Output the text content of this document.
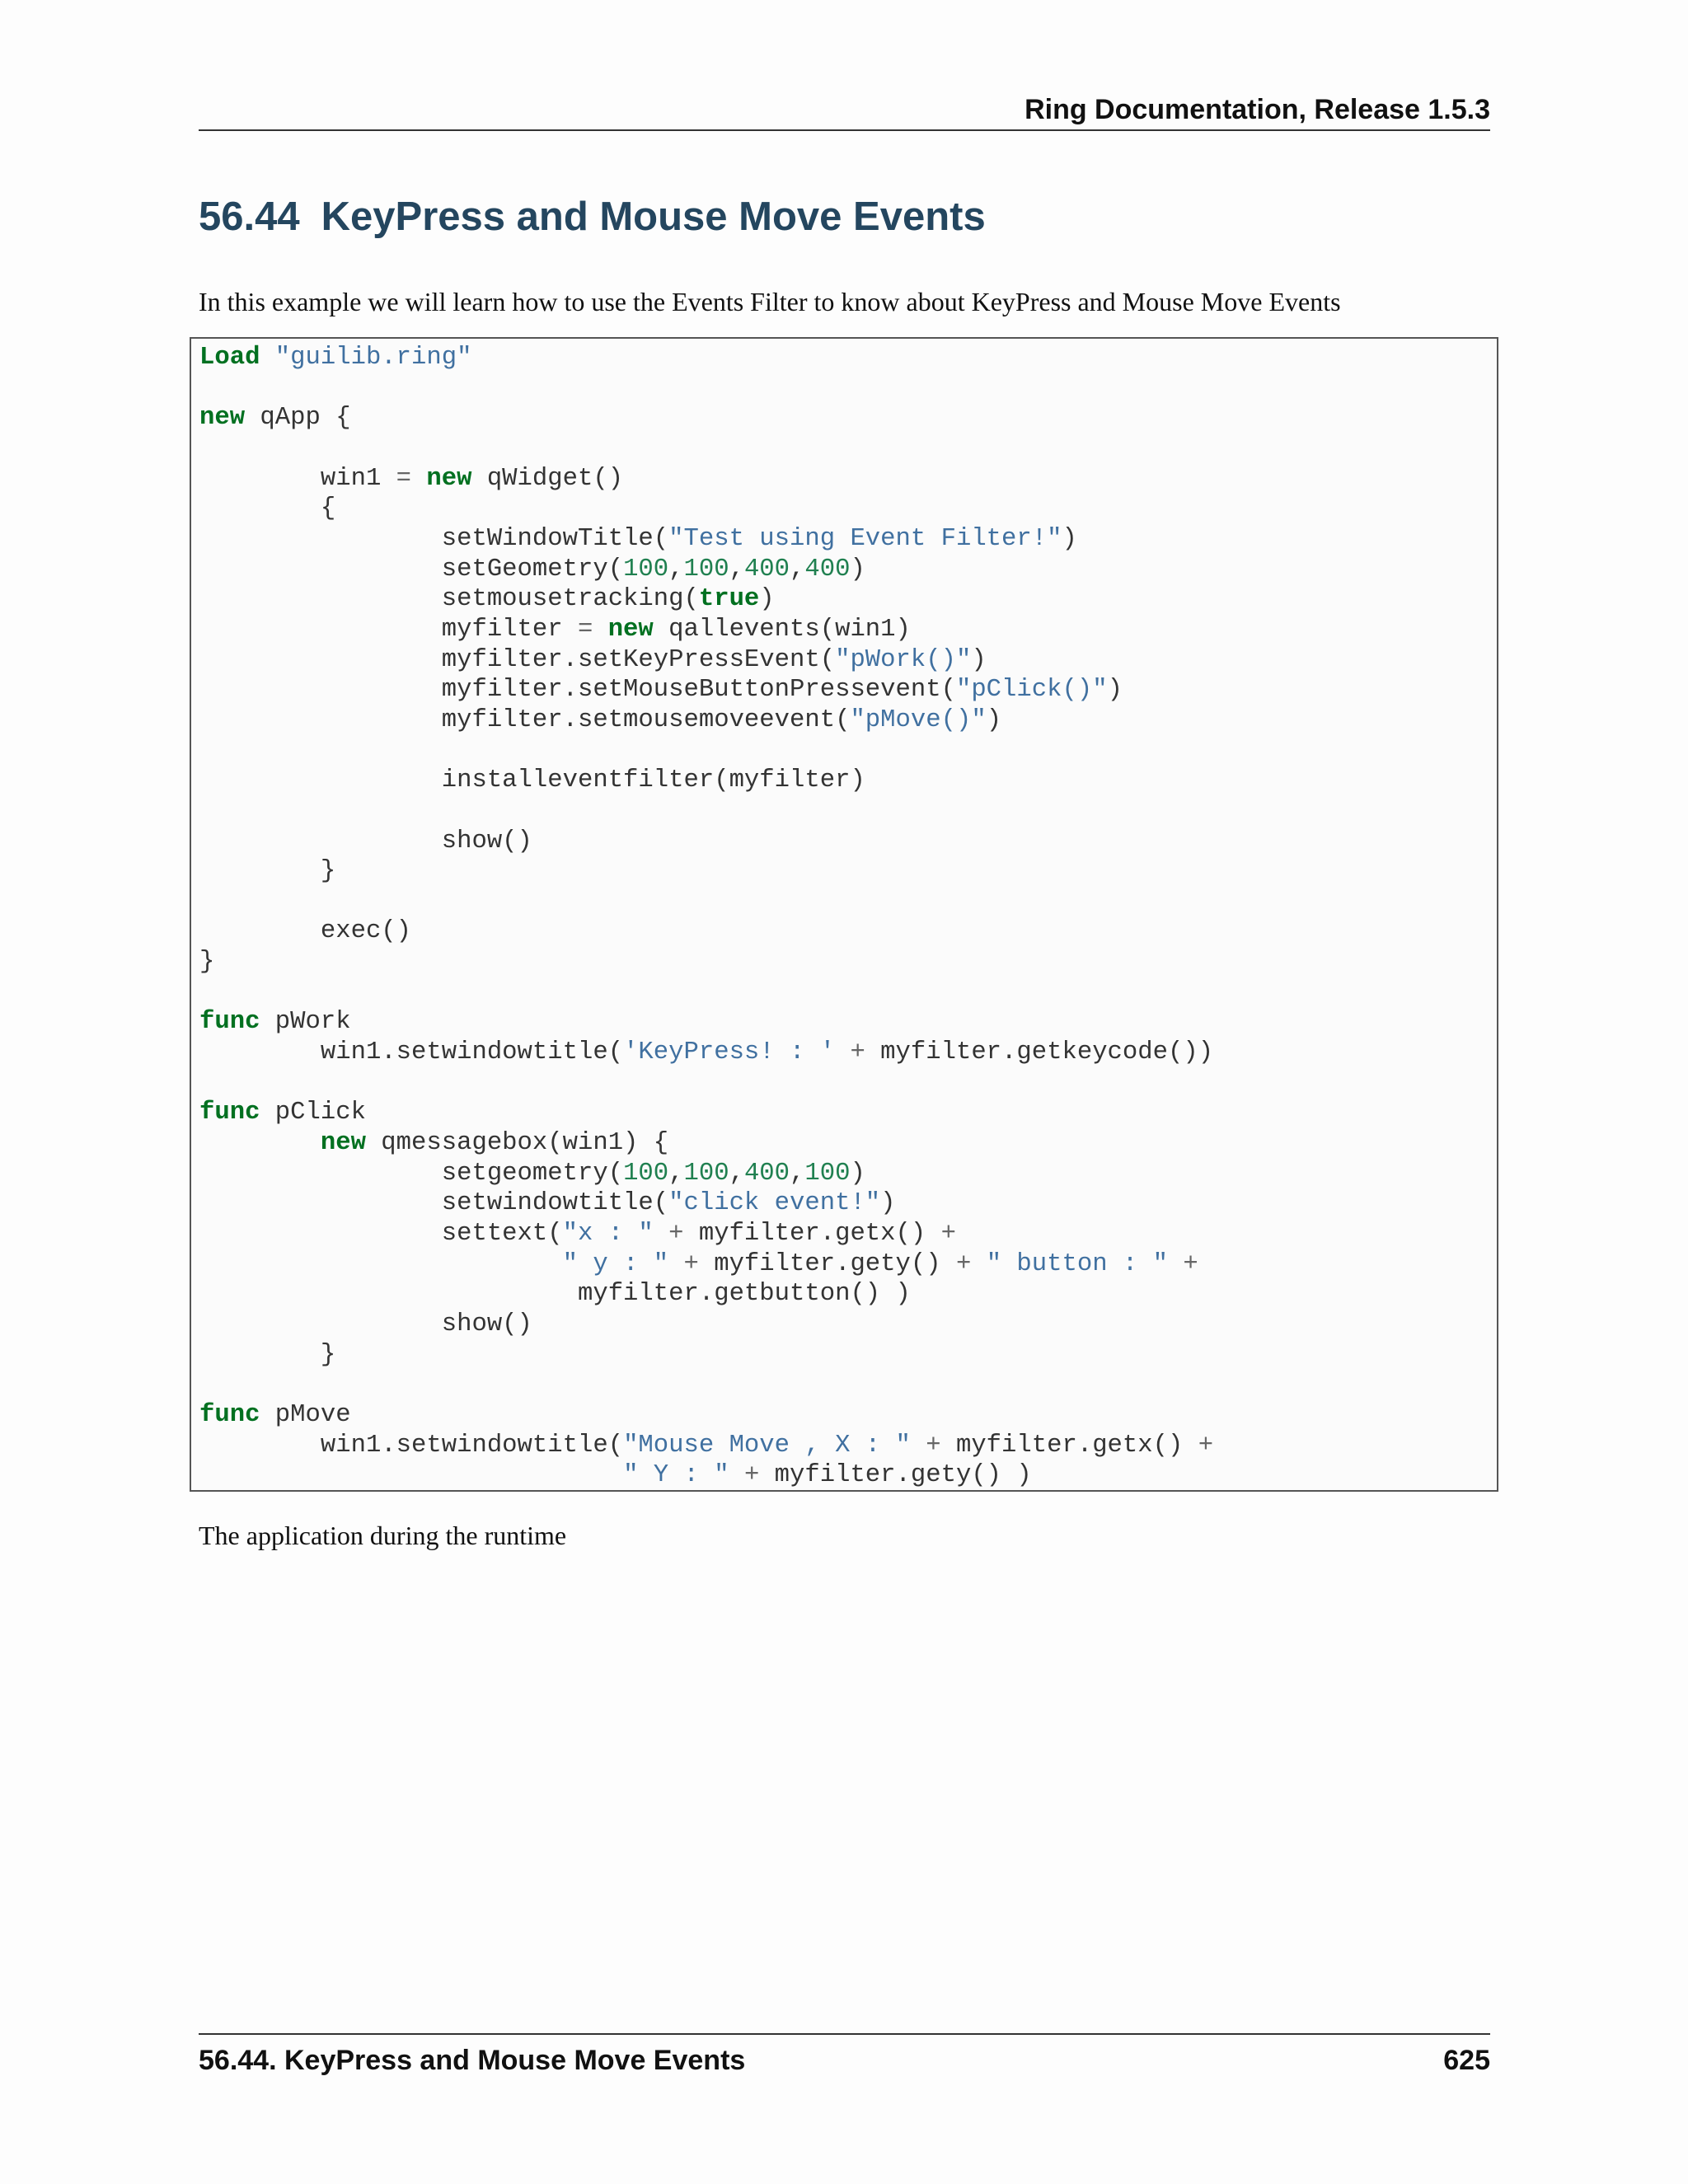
Ring Documentation, Release 1.5.3
56.44 KeyPress and Mouse Move Events
In this example we will learn how to use the Events Filter to know about KeyPress and Mouse Move Events
Load "guilib.ring"
new qApp {
win1 = new qWidget()
{
setWindowTitle("Test using Event Filter!")
setGeometry(100,100,400,400)
setmousetracking(true)
myfilter = new qallevents(win1)
myfilter.setKeyPressEvent("pWork()")
myfilter.setMouseButtonPressevent("pClick()")
myfilter.setmousemoveevent("pMove()")
installeventfilter(myfilter)
show()
}
exec()
}
func pWork
win1.setwindowtitle('KeyPress! : ' + myfilter.getkeycode())
func pClick
new qmessagebox(win1) {
setgeometry(100,100,400,100)
setwindowtitle("click event!")
settext("x : " + myfilter.getx() +
" y : " + myfilter.gety() + " button : " +
myfilter.getbutton() )
show()
}
func pMove
win1.setwindowtitle("Mouse Move , X : " + myfilter.getx() +
" Y : " + myfilter.gety() )
The application during the runtime
56.44. KeyPress and Mouse Move Events	625
